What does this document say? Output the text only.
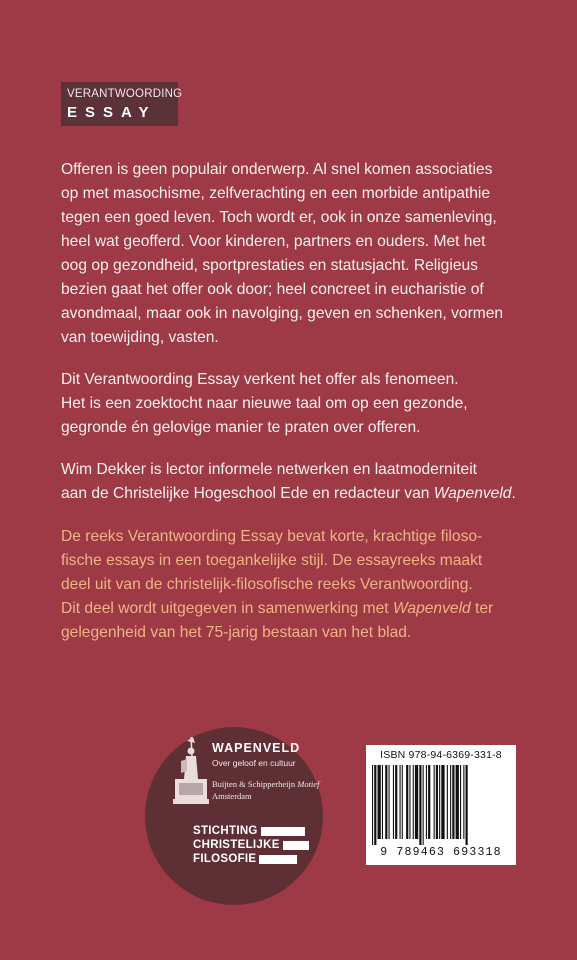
VERANTWOORDING
ESSAY

Offeren is geen populair onderwerp. Al snel komen associaties
op met masochisme, zelfverachting en een morbide antipathie
tegen een goed leven. Toch wordt er, ook in onze samenleving,
heel wat geofferd. Voor kinderen, partners en ouders. Met het
oog op gezondheid, sportprestaties en statusjacht. Religieus
bezien gaat het offer ook door; heel concreet in eucharistie of
avondmaal, maar ook in navolging, geven en schenken, vormen
van toewijding, vasten.

Dit Verantwoording Essay verkent het offer als fenomeen.
Het is een zoektocht naar nieuwe taal om op een gezonde,
gegronde én gelovige manier te praten over offeren.

Wim Dekker is lector informele netwerken en laatmoderniteit
aan de Christelijke Hogeschool Ede en redacteur van Wapenveld.

De reeks Verantwoording Essay bevat korte, krachtige filoso-
fische essays in een toegankelijke stijl. De essayreeks maakt
deel uit van de christelijk-filosofische reeks Verantwoording.
Dit deel wordt uitgegeven in samenwerking met Wapenveld ter
gelegenheid van het 75-jarig bestaan van het blad.

WAPENVELD
Over geloof en cultuur
Buijten & Schipperheijn Motief
Amsterdam
STICHTING
CHRISTELIJKE
FILOSOFIE
ISBN 978-94-6369-331-8
9 789463 693318
